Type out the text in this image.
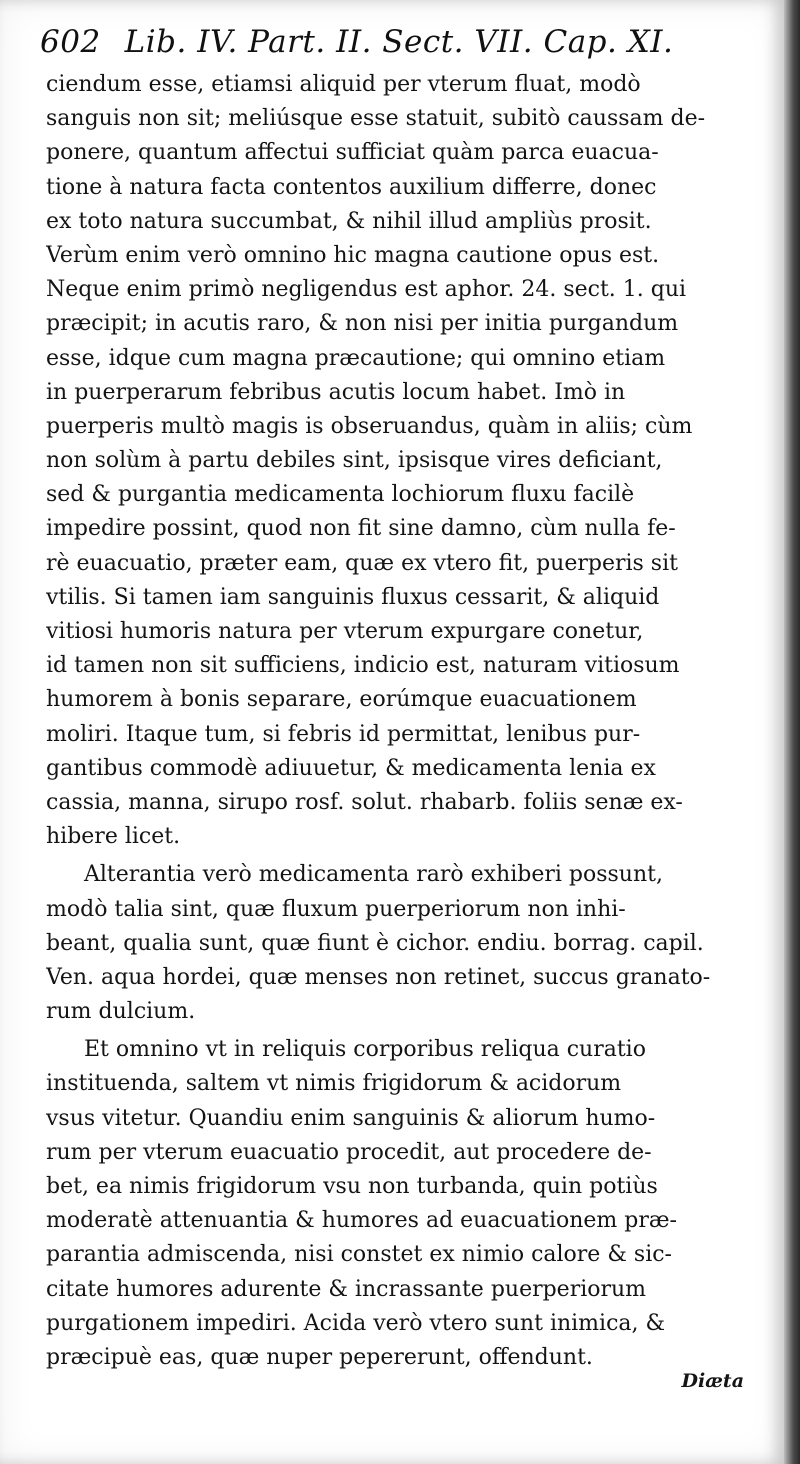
602 Lib. IV. Part. II. Sect. VII. Cap. XI.
ciendum esse, etiamsi aliquid per vterum fluat, modò
sanguis non sit; meliúsque esse statuit, subitò caussam de-
ponere, quantum affectui sufficiat quàm parca euacua-
tione à natura facta contentos auxilium differre, donec
ex toto natura succumbat, & nihil illud ampliùs prosit.
Verùm enim verò omnino hic magna cautione opus est.
Neque enim primò negligendus est aphor. 24. sect. 1. qui
præcipit; in acutis raro, & non nisi per initia purgandum
esse, idque cum magna præcautione; qui omnino etiam
in puerperarum febribus acutis locum habet. Imò in
puerperis multò magis is obseruandus, quàm in aliis; cùm
non solùm à partu debiles sint, ipsisque vires deficiant,
sed & purgantia medicamenta lochiorum fluxu facilè
impedire possint, quod non fit sine damno, cùm nulla fe-
rè euacuatio, præter eam, quæ ex vtero fit, puerperis sit
vtilis. Si tamen iam sanguinis fluxus cessarit, & aliquid
vitiosi humoris natura per vterum expurgare conetur,
id tamen non sit sufficiens, indicio est, naturam vitiosum
humorem à bonis separare, eorúmque euacuationem
moliri. Itaque tum, si febris id permittat, lenibus pur-
gantibus commodè adiuuetur, & medicamenta lenia ex
cassia, manna, sirupo rosf. solut. rhabarb. foliis senæ ex-
hibere licet.
Alterantia verò medicamenta rarò exhiberi possunt,
modò talia sint, quæ fluxum puerperiorum non inhi-
beant, qualia sunt, quæ fiunt è cichor. endiu. borrag. capil.
Ven. aqua hordei, quæ menses non retinet, succus granato-
rum dulcium.
Et omnino vt in reliquis corporibus reliqua curatio
instituenda, saltem vt nimis frigidorum & acidorum
vsus vitetur. Quandiu enim sanguinis & aliorum humo-
rum per vterum euacuatio procedit, aut procedere de-
bet, ea nimis frigidorum vsu non turbanda, quin potiùs
moderatè attenuantia & humores ad euacuationem præ-
parantia admiscenda, nisi constet ex nimio calore & sic-
citate humores adurente & incrassante puerperiorum
purgationem impediri. Acida verò vtero sunt inimica, &
præcipuè eas, quæ nuper pepererunt, offendunt.
Diæta
